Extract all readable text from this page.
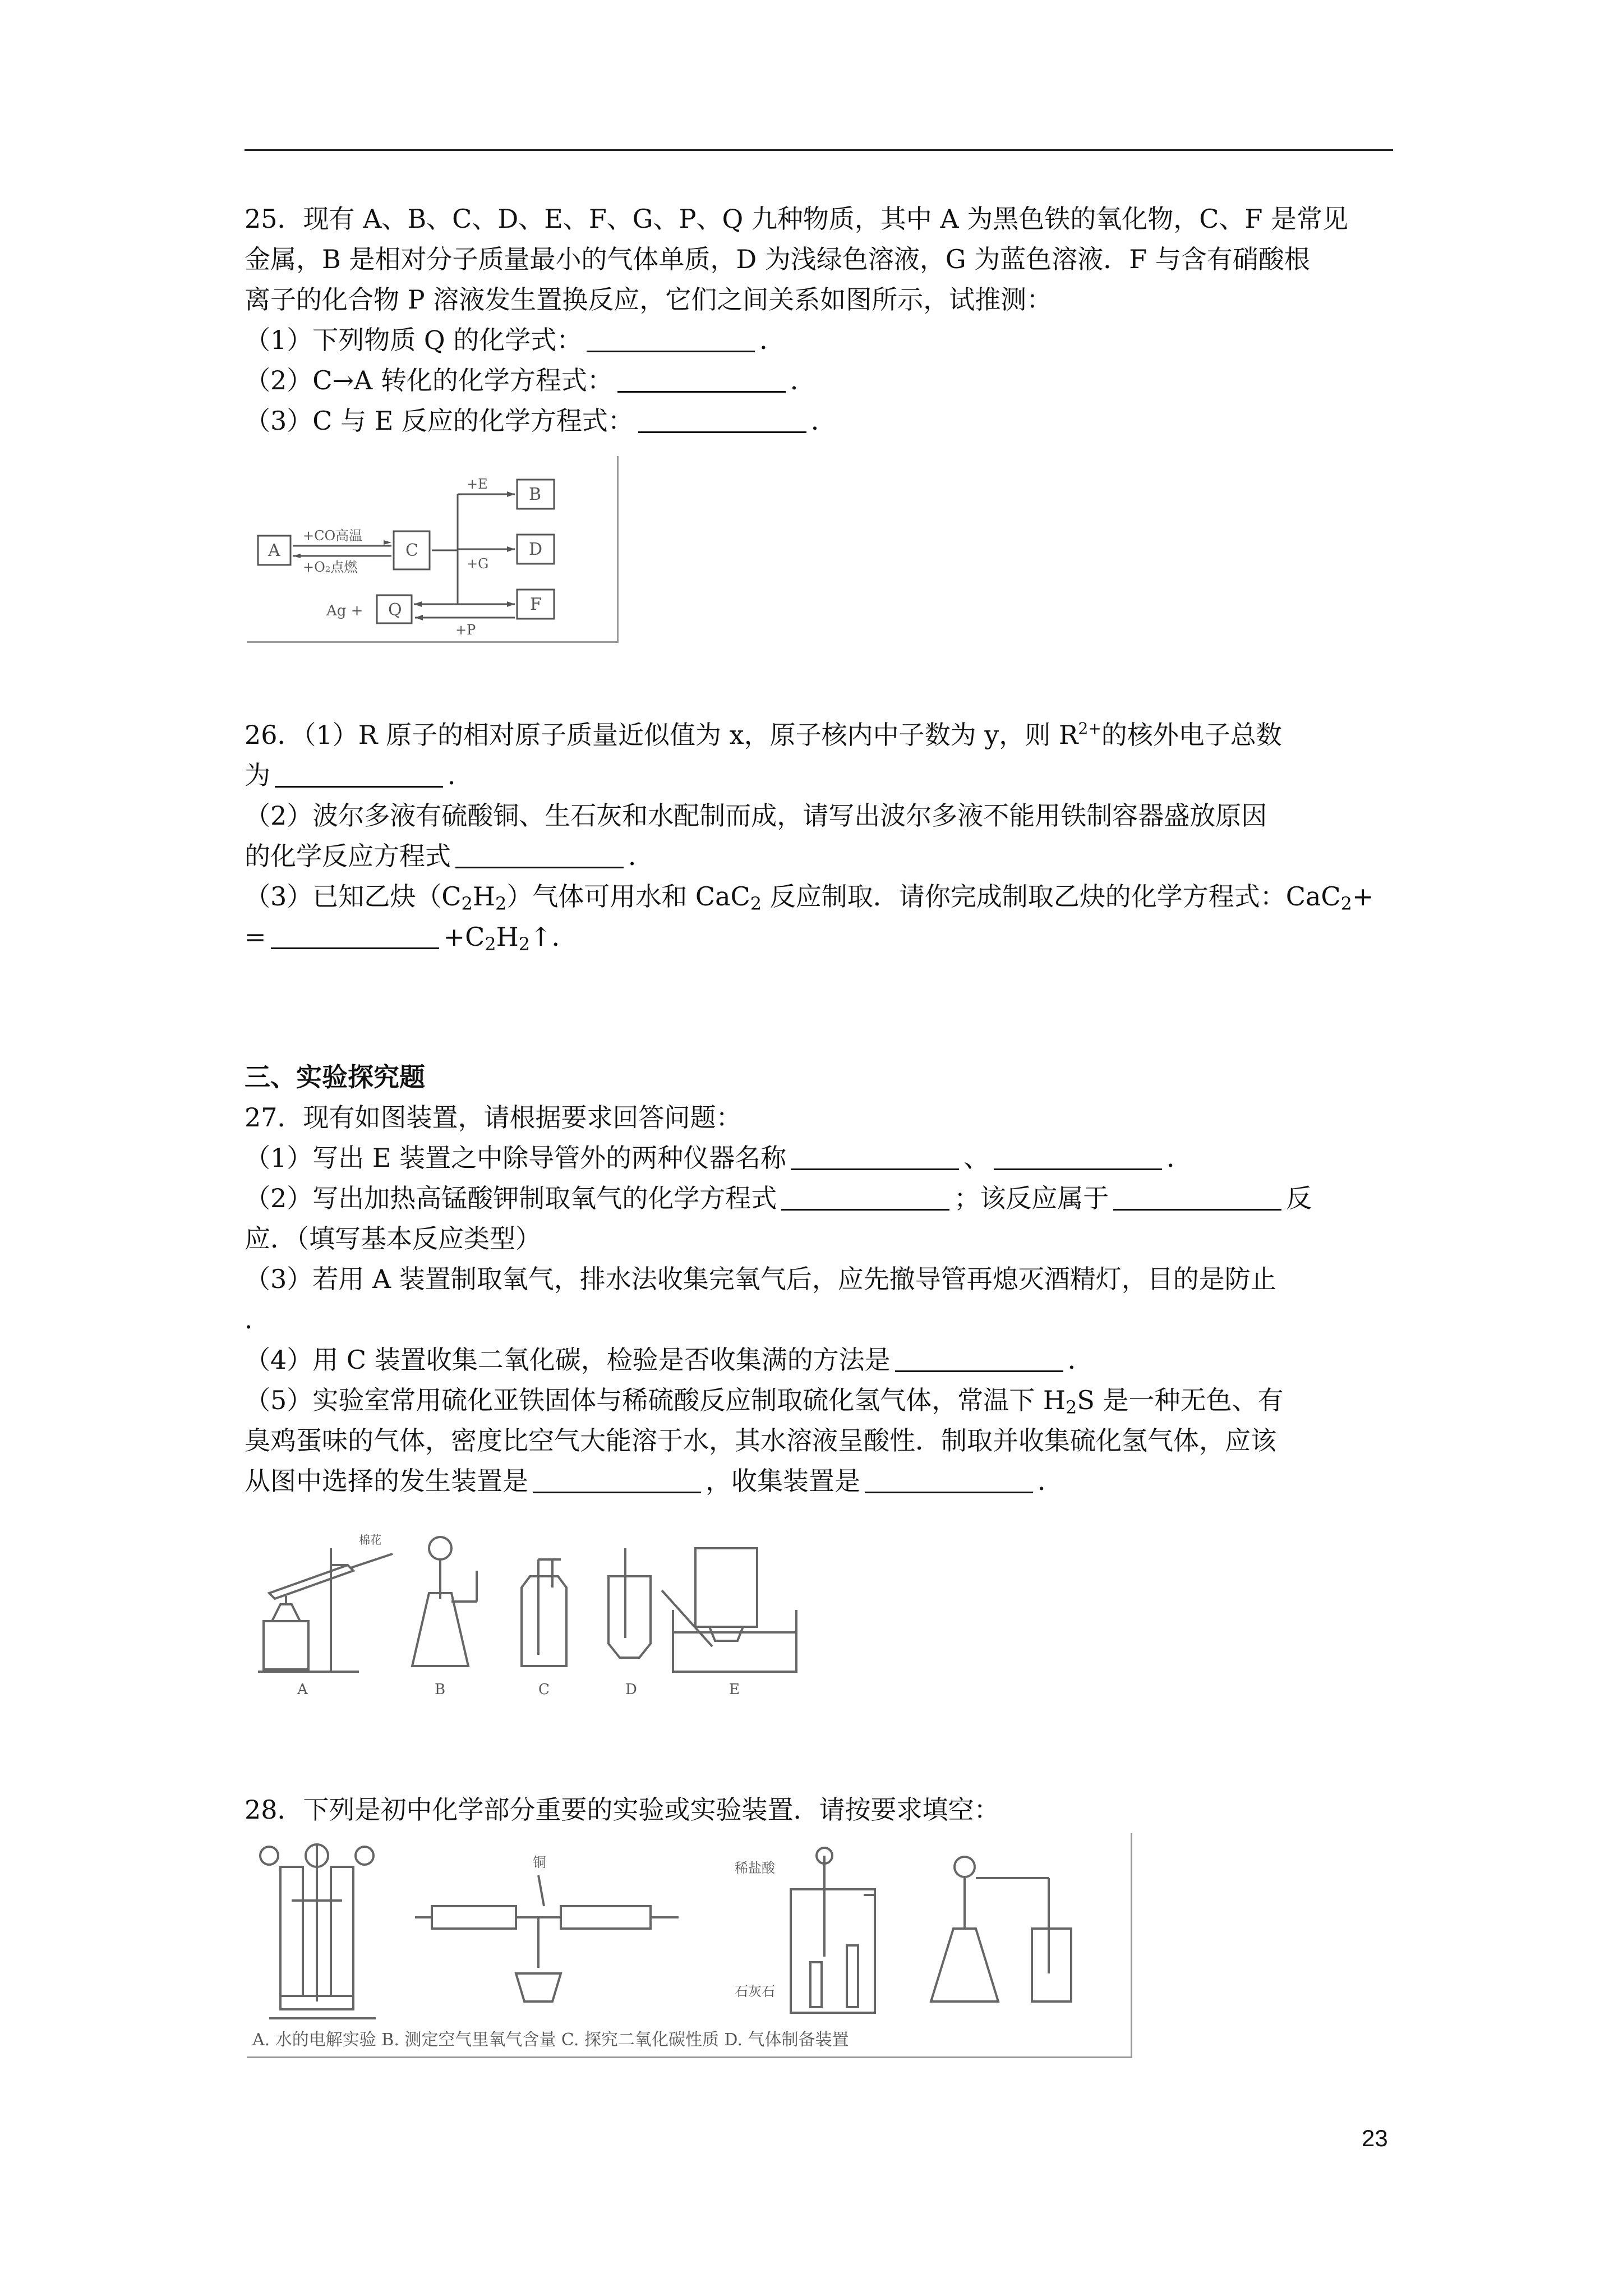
25．现有 A、B、C、D、E、F、G、P、Q 九种物质，其中 A 为黑色铁的氧化物，C、F 是常见
金属，B 是相对分子质量最小的气体单质，D 为浅绿色溶液，G 为蓝色溶液．F 与含有硝酸根
离子的化合物 P 溶液发生置换反应，它们之间关系如图所示，试推测：
（1）下列物质 Q 的化学式：	．
（2）C→A 转化的化学方程式：	．
（3）C 与 E 反应的化学方程式：	．
A	C
B
D
F
Q
+CO高温
+O₂点燃
+E
+G
Ag +
+P
26．（1）R 原子的相对原子质量近似值为 x，原子核内中子数为 y，则 $R^{2+}$的核外电子总数
为	．
（2）波尔多液有硫酸铜、生石灰和水配制而成，请写出波尔多液不能用铁制容器盛放原因
的化学反应方程式	．
（3）已知乙炔$(C_2H_2)$气体可用水和 CaC$_2$ 反应制取．请你完成制取乙炔的化学方程式：CaC$_2$+
=	$+C_2H_2↑$．
三、实验探究题
27．现有如图装置，请根据要求回答问题：
（1）写出 E 装置之中除导管外的两种仪器名称	、	．
（2）写出加热高锰酸钾制取氧气的化学方程式	；该反应属于	反
应．（填写基本反应类型）
（3）若用 A 装置制取氧气，排水法收集完氧气后，应先撤导管再熄灭酒精灯，目的是防止
．
（4）用 C 装置收集二氧化碳，检验是否收集满的方法是	．
（5）实验室常用硫化亚铁固体与稀硫酸反应制取硫化氢气体，常温下 $H_2S$ 是一种无色、有
臭鸡蛋味的气体，密度比空气大能溶于水，其水溶液呈酸性．制取并收集硫化氢气体，应该
从图中选择的发生装置是	，收集装置是	．
A	B	C	D	E
棉花
28．下列是初中化学部分重要的实验或实验装置．请按要求填空：
铜	稀盐酸
石灰石
A. 水的电解实验 B. 测定空气里氧气含量 C. 探究二氧化碳性质 D. 气体制备装置
23
